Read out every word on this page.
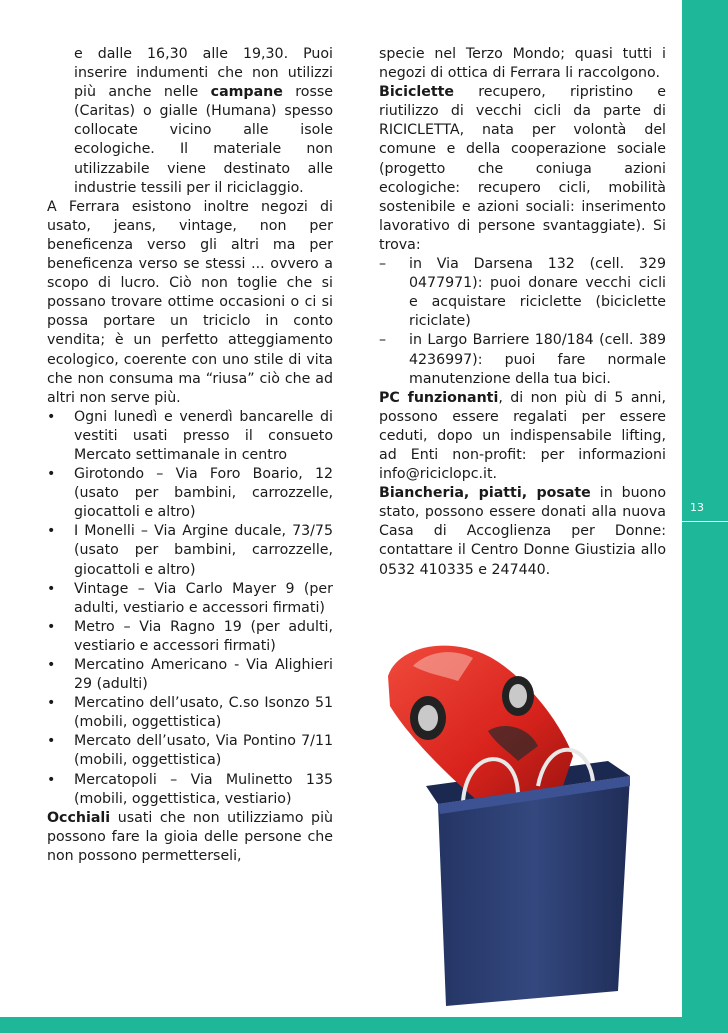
13

e dalle 16,30 alle 19,30. Puoi inserire indumenti che non utilizzi più anche nelle campane rosse (Caritas) o gialle (Humana) spesso collocate vicino alle isole ecologiche. Il materiale non utilizzabile viene destinato alle industrie tessili per il riciclaggio.

A Ferrara esistono inoltre negozi di usato, jeans, vintage, non per beneficenza verso gli altri ma per beneficenza verso se stessi ... ovvero a scopo di lucro. Ciò non toglie che si possano trovare ottime occasioni o ci si possa portare un triciclo in conto vendita; è un perfetto atteggiamento ecologico, coerente con uno stile di vita che non consuma ma “riusa” ciò che ad altri non serve più.

• Ogni lunedì e venerdì bancarelle di vestiti usati presso il consueto Mercato settimanale in centro
• Girotondo – Via Foro Boario, 12 (usato per bambini, carrozzelle, giocattoli e altro)
• I Monelli – Via Argine ducale, 73/75 (usato per bambini, carrozzelle, giocattoli e altro)
• Vintage – Via Carlo Mayer 9 (per adulti, vestiario e accessori firmati)
• Metro – Via Ragno 19 (per adulti, vestiario e accessori firmati)
• Mercatino Americano - Via Alighieri 29 (adulti)
• Mercatino dell’usato, C.so Isonzo 51 (mobili, oggettistica)
• Mercato dell’usato, Via Pontino 7/11 (mobili, oggettistica)
• Mercatopoli – Via Mulinetto 135 (mobili, oggettistica, vestiario)

Occhiali usati che non utilizziamo più possono fare la gioia delle persone che non possono permetterseli,

specie nel Terzo Mondo; quasi tutti i negozi di ottica di Ferrara li raccolgono.

Biciclette recupero, ripristino e riutilizzo di vecchi cicli da parte di RICICLETTA, nata per volontà del comune e della cooperazione sociale (progetto che coniuga azioni ecologiche: recupero cicli, mobilità sostenibile e azioni sociali: inserimento lavorativo di persone svantaggiate). Si trova:

– in Via Darsena 132 (cell. 329 0477971): puoi donare vecchi cicli e acquistare riciclette (biciclette riciclate)
– in Largo Barriere 180/184 (cell. 389 4236997): puoi fare normale manutenzione della tua bici.

PC funzionanti, di non più di 5 anni, possono essere regalati per essere ceduti, dopo un indispensabile lifting, ad Enti non-profit: per informazioni info@riciclopc.it.

Biancheria, piatti, posate in buono stato, possono essere donati alla nuova Casa di Accoglienza per Donne: contattare il Centro Donne Giustizia allo 0532 410335 e 247440.
